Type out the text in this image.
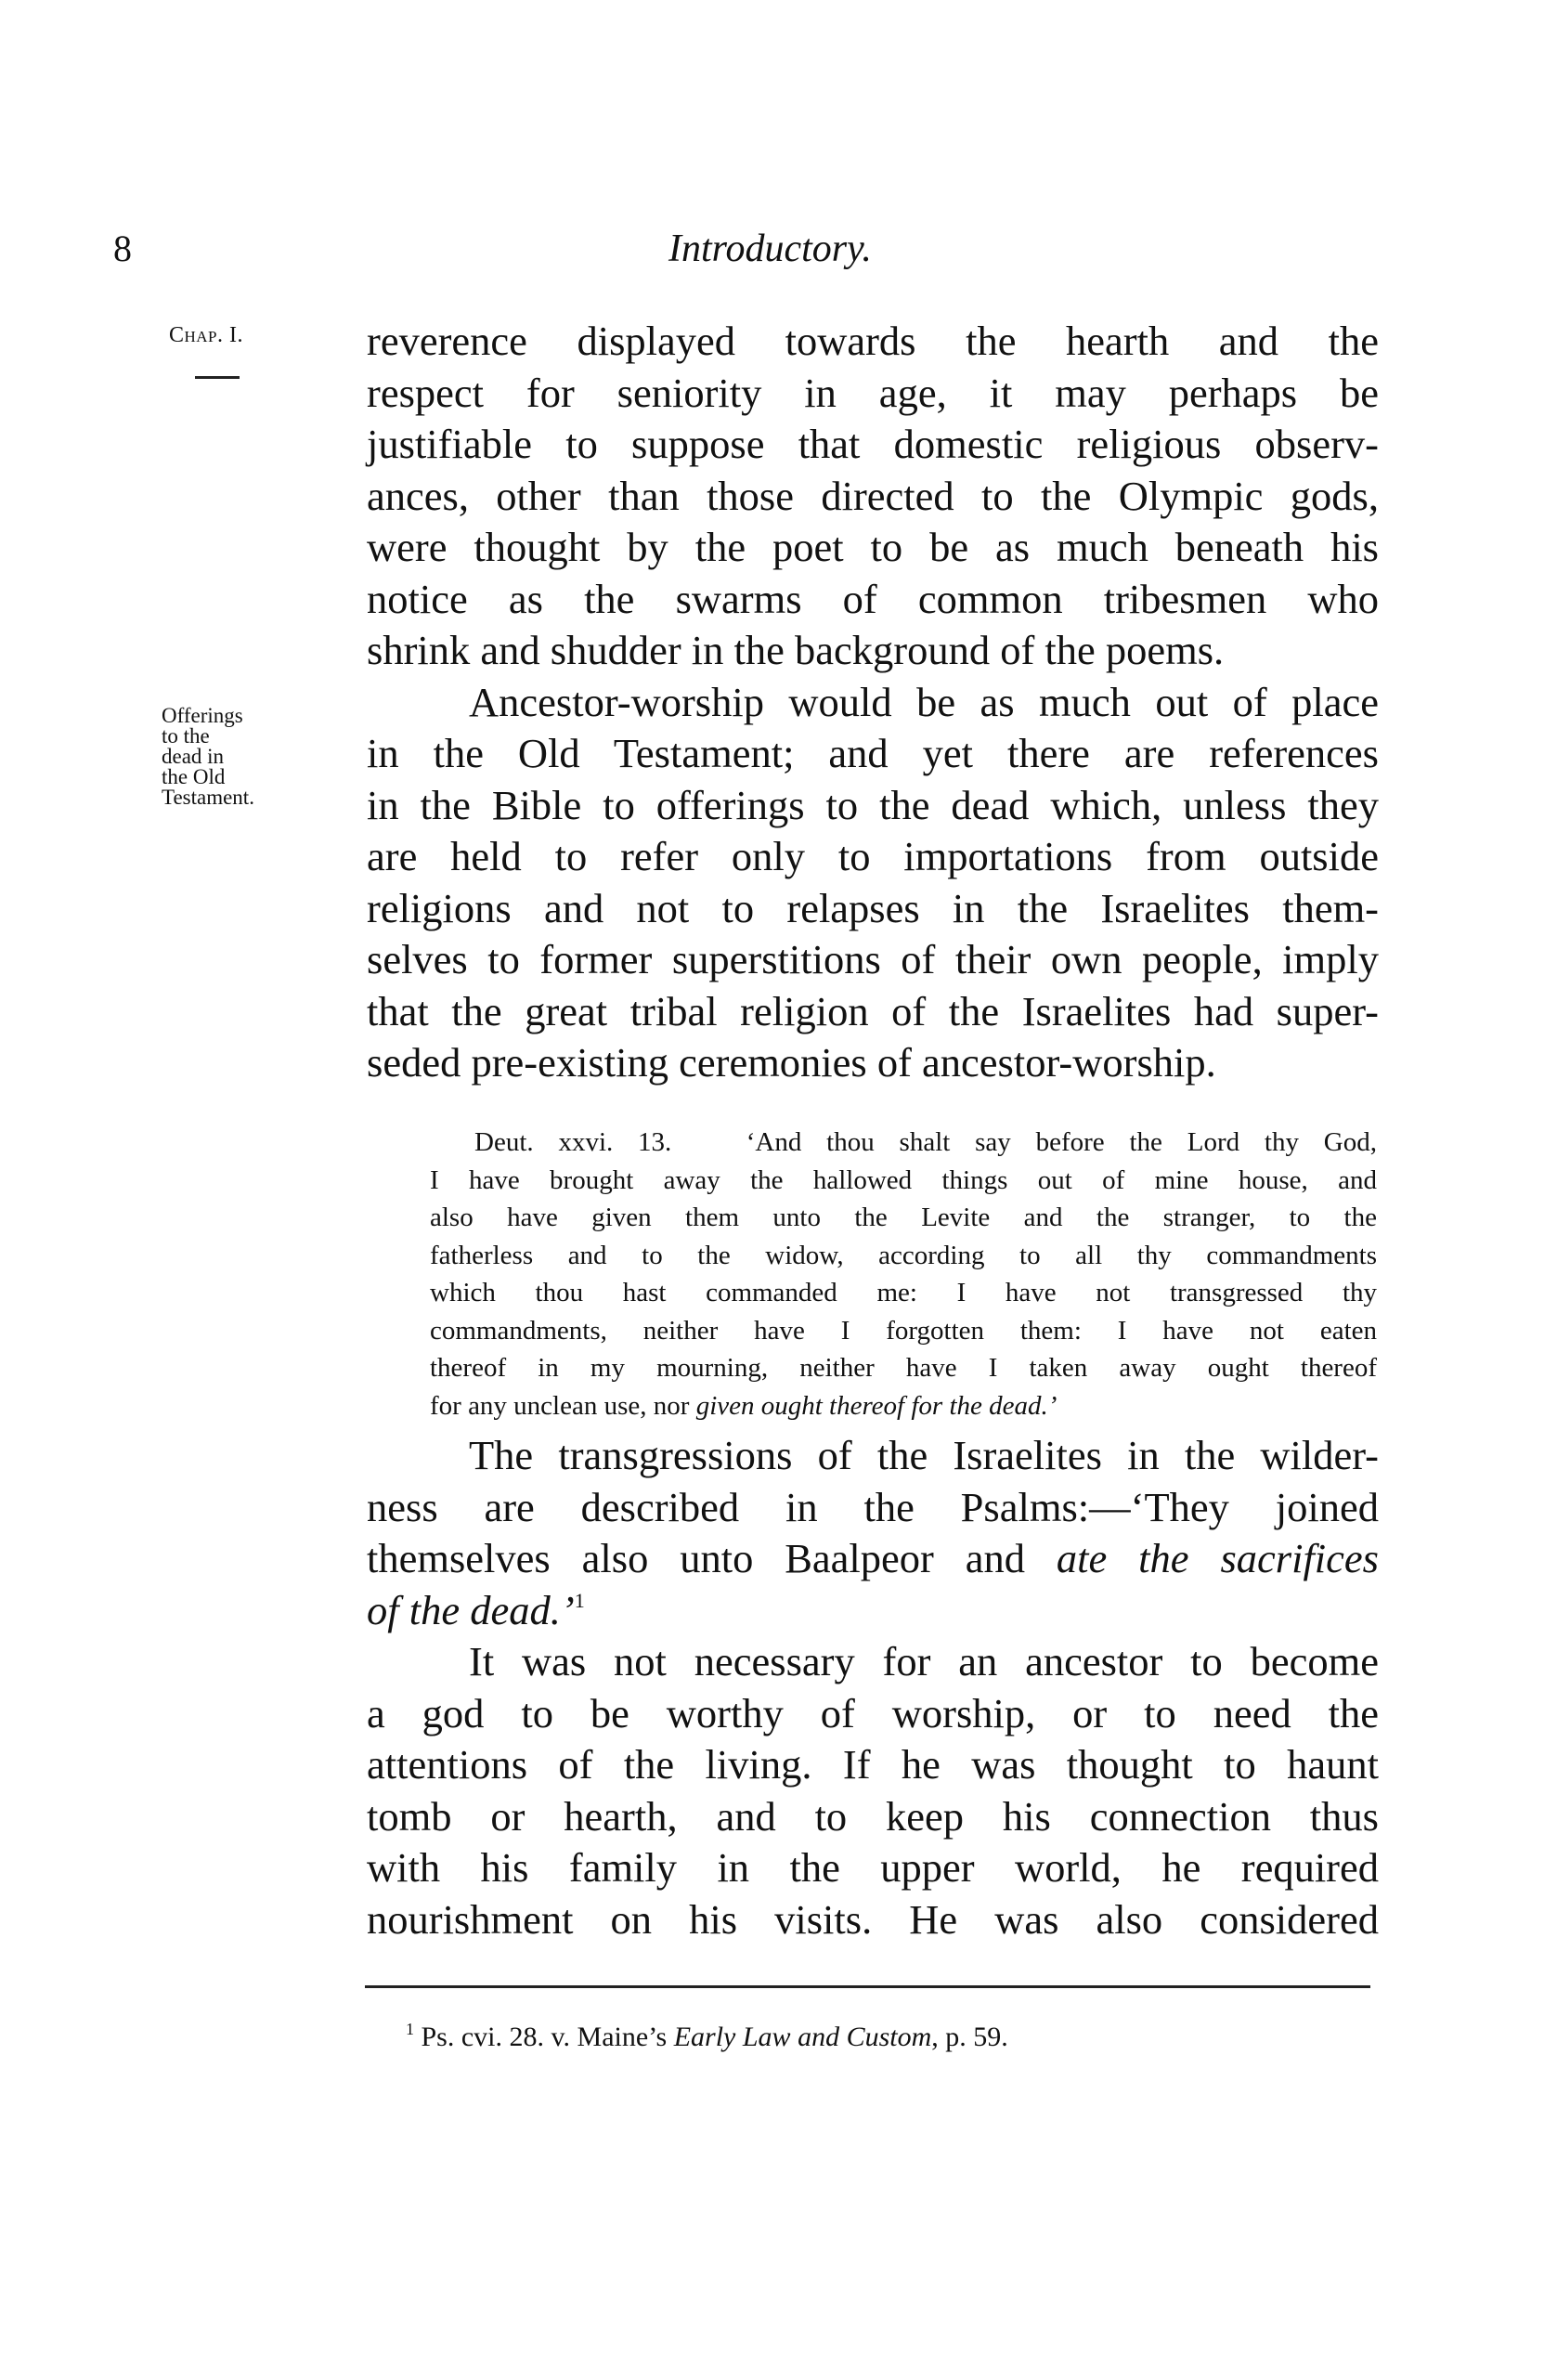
8	Introductory.
Chap. I.
Offerings
to the
dead in
the Old
Testament.
reverence displayed towards the hearth and the
respect for seniority in age, it may perhaps be
justifiable to suppose that domestic religious observ-
ances, other than those directed to the Olympic gods,
were thought by the poet to be as much beneath his
notice as the swarms of common tribesmen who
shrink and shudder in the background of the poems.
Ancestor-worship would be as much out of place
in the Old Testament; and yet there are references
in the Bible to offerings to the dead which, unless they
are held to refer only to importations from outside
religions and not to relapses in the Israelites them-
selves to former superstitions of their own people, imply
that the great tribal religion of the Israelites had super-
seded pre-existing ceremonies of ancestor-worship.
Deut. xxvi. 13.	‘And thou shalt say before the Lord thy God,
I have brought away the hallowed things out of mine house, and
also have given them unto the Levite and the stranger, to the
fatherless and to the widow, according to all thy commandments
which thou hast commanded me: I have not transgressed thy
commandments, neither have I forgotten them: I have not eaten
thereof in my mourning, neither have I taken away ought thereof
for any unclean use, nor given ought thereof for the dead.’
The transgressions of the Israelites in the wilder-
ness are described in the Psalms:—‘They joined
themselves also unto Baalpeor and ate the sacrifices
of the dead.’$^1$
It was not necessary for an ancestor to become
a god to be worthy of worship, or to need the
attentions of the living. If he was thought to haunt
tomb or hearth, and to keep his connection thus
with his family in the upper world, he required
nourishment on his visits. He was also considered
$^1$ Ps. cvi. 28. v. Maine’s Early Law and Custom, p. 59.
